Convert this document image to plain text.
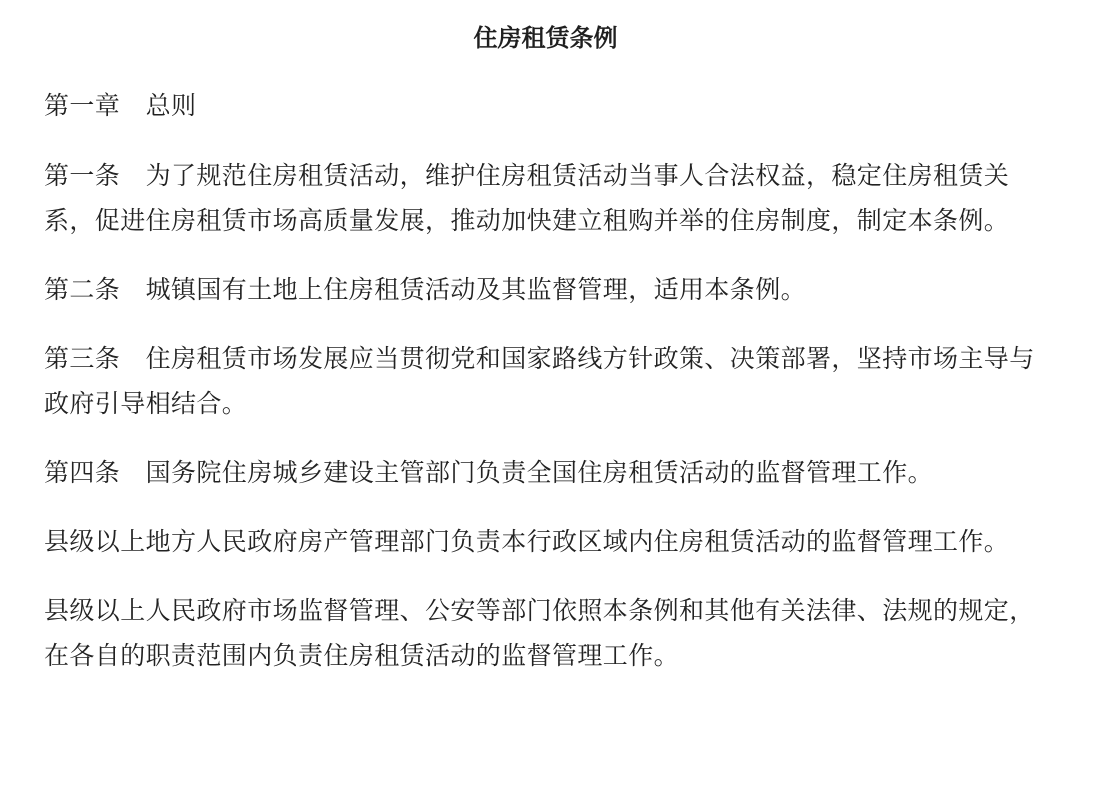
住房租赁条例

第一章　总则

第一条　为了规范住房租赁活动，维护住房租赁活动当事人合法权益，稳定住房租赁关系，促进住房租赁市场高质量发展，推动加快建立租购并举的住房制度，制定本条例。

第二条　城镇国有土地上住房租赁活动及其监督管理，适用本条例。

第三条　住房租赁市场发展应当贯彻党和国家路线方针政策、决策部署，坚持市场主导与政府引导相结合。

第四条　国务院住房城乡建设主管部门负责全国住房租赁活动的监督管理工作。

县级以上地方人民政府房产管理部门负责本行政区域内住房租赁活动的监督管理工作。

县级以上人民政府市场监督管理、公安等部门依照本条例和其他有关法律、法规的规定，在各自的职责范围内负责住房租赁活动的监督管理工作。
